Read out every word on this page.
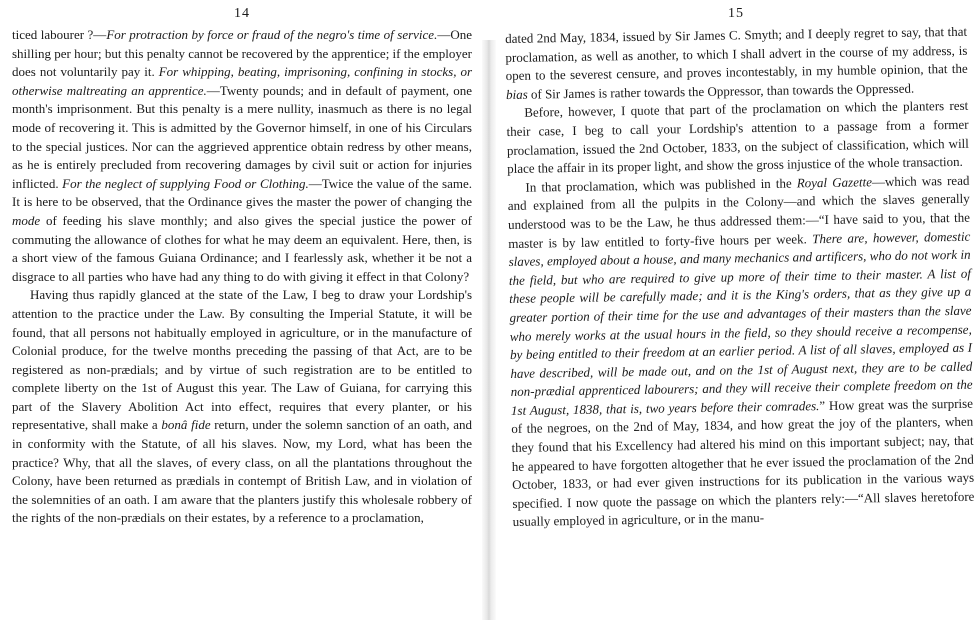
14

ticed labourer ?—For protraction by force or fraud of the negro's time of service.—One shilling per hour; but this penalty cannot be recovered by the apprentice; if the employer does not voluntarily pay it. For whipping, beating, imprisoning, confining in stocks, or otherwise maltreating an apprentice.—Twenty pounds; and in default of payment, one month's imprisonment. But this penalty is a mere nullity, inasmuch as there is no legal mode of recovering it. This is admitted by the Governor himself, in one of his Circulars to the special justices. Nor can the aggrieved apprentice obtain redress by other means, as he is entirely precluded from recovering damages by civil suit or action for injuries inflicted. For the neglect of supplying Food or Clothing.—Twice the value of the same. It is here to be observed, that the Ordinance gives the master the power of changing the mode of feeding his slave monthly; and also gives the special justice the power of commuting the allowance of clothes for what he may deem an equivalent. Here, then, is a short view of the famous Guiana Ordinance; and I fearlessly ask, whether it be not a disgrace to all parties who have had any thing to do with giving it effect in that Colony?

Having thus rapidly glanced at the state of the Law, I beg to draw your Lordship's attention to the practice under the Law. By consulting the Imperial Statute, it will be found, that all persons not habitually employed in agriculture, or in the manufacture of Colonial produce, for the twelve months preceding the passing of that Act, are to be registered as non-prædials; and by virtue of such registration are to be entitled to complete liberty on the 1st of August this year. The Law of Guiana, for carrying this part of the Slavery Abolition Act into effect, requires that every planter, or his representative, shall make a bonâ fide return, under the solemn sanction of an oath, and in conformity with the Statute, of all his slaves. Now, my Lord, what has been the practice? Why, that all the slaves, of every class, on all the plantations throughout the Colony, have been returned as prædials in contempt of British Law, and in violation of the solemnities of an oath. I am aware that the planters justify this wholesale robbery of the rights of the non-prædials on their estates, by a reference to a proclamation,

15

dated 2nd May, 1834, issued by Sir James C. Smyth; and I deeply regret to say, that that proclamation, as well as another, to which I shall advert in the course of my address, is open to the severest censure, and proves incontestably, in my humble opinion, that the bias of Sir James is rather towards the Oppressor, than towards the Oppressed.

Before, however, I quote that part of the proclamation on which the planters rest their case, I beg to call your Lordship's attention to a passage from a former proclamation, issued the 2nd October, 1833, on the subject of classification, which will place the affair in its proper light, and show the gross injustice of the whole transaction.

In that proclamation, which was published in the Royal Gazette—which was read and explained from all the pulpits in the Colony—and which the slaves generally understood was to be the Law, he thus addressed them:—“I have said to you, that the master is by law entitled to forty-five hours per week. There are, however, domestic slaves, employed about a house, and many mechanics and artificers, who do not work in the field, but who are required to give up more of their time to their master. A list of these people will be carefully made; and it is the King's orders, that as they give up a greater portion of their time for the use and advantages of their masters than the slave who merely works at the usual hours in the field, so they should receive a recompense, by being entitled to their freedom at an earlier period. A list of all slaves, employed as I have described, will be made out, and on the 1st of August next, they are to be called non-prædial apprenticed labourers; and they will receive their complete freedom on the 1st August, 1838, that is, two years before their comrades.” How great was the surprise of the negroes, on the 2nd of May, 1834, and how great the joy of the planters, when they found that his Excellency had altered his mind on this important subject; nay, that he appeared to have forgotten altogether that he ever issued the proclamation of the 2nd October, 1833, or had ever given instructions for its publication in the various ways specified. I now quote the passage on which the planters rely:—“All slaves heretofore usually employed in agriculture, or in the manu-
